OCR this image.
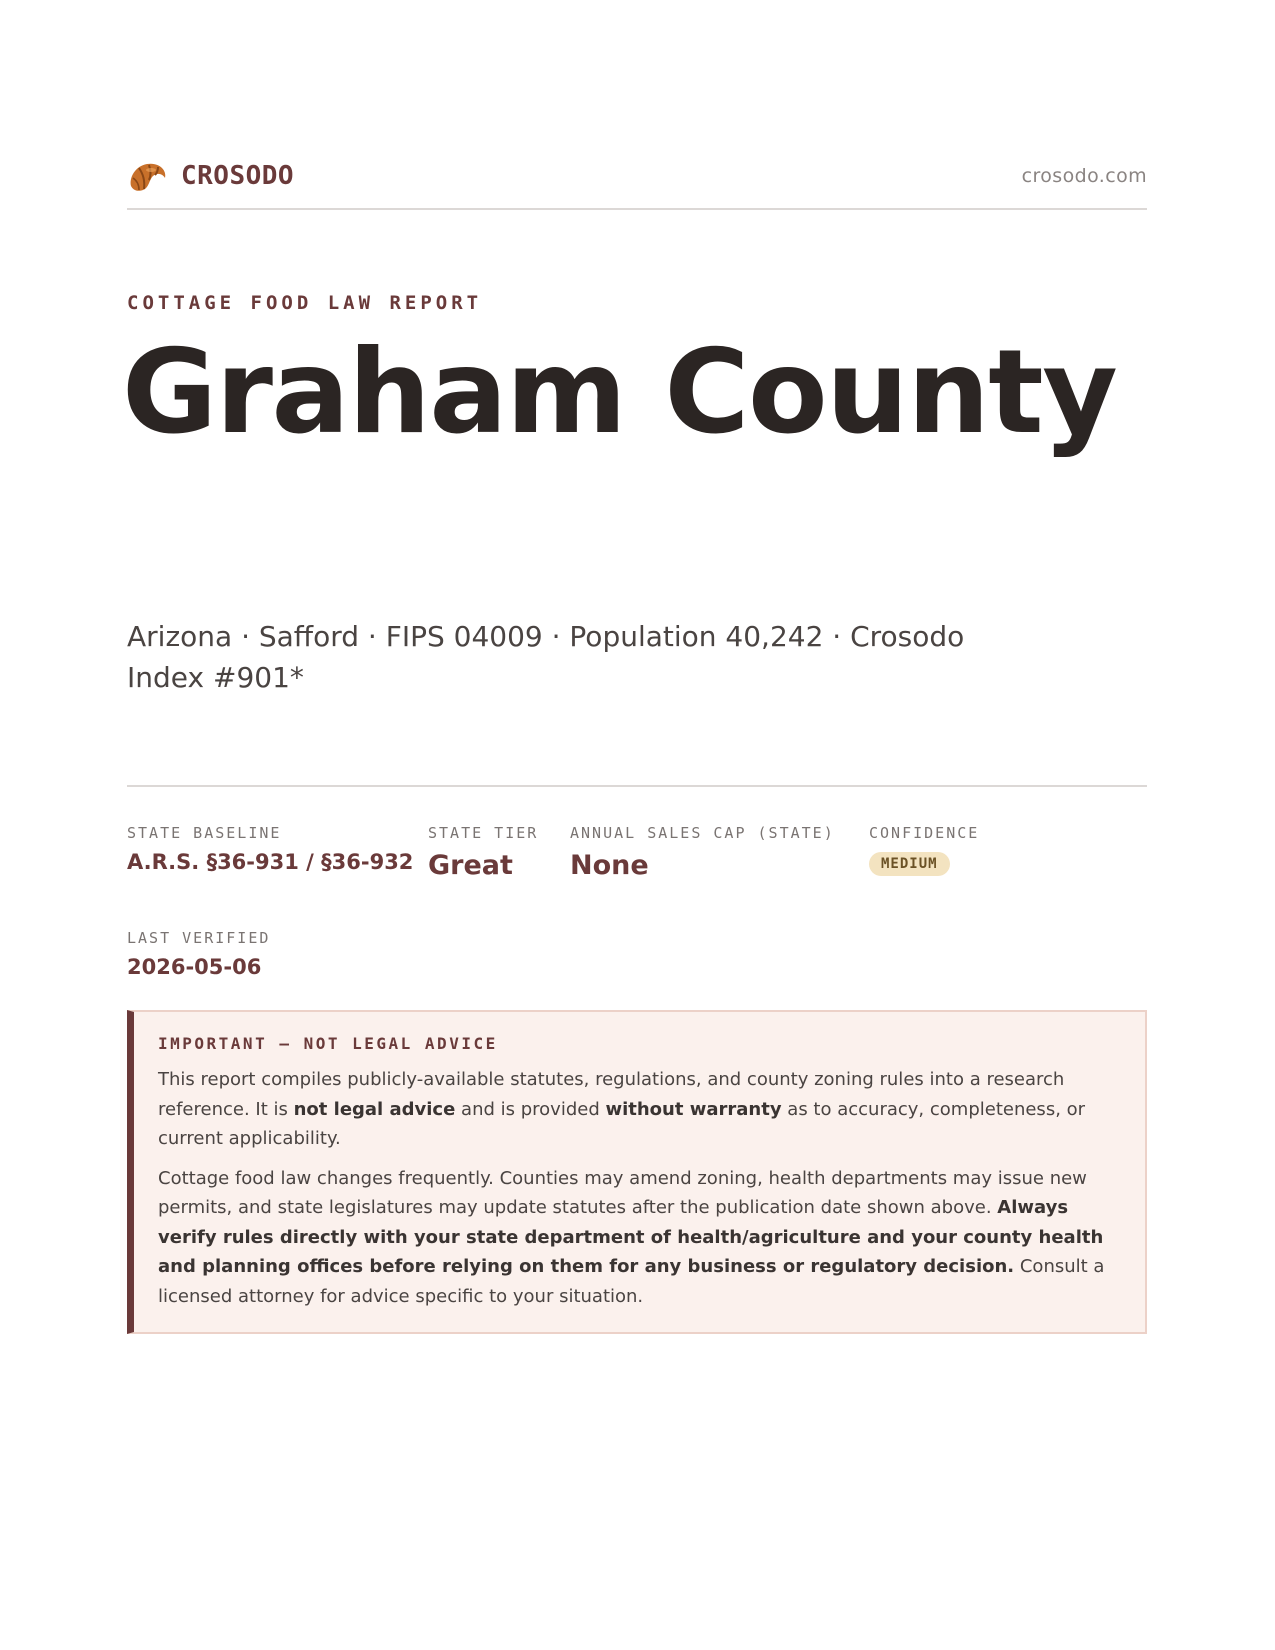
CROSODO	crosodo.com
COTTAGE FOOD LAW REPORT
Graham County
Arizona · Safford · FIPS 04009 · Population 40,242 · Crosodo Index #901*
STATE BASELINE
A.R.S. §36-931 / §36-932
STATE TIER
Great
ANNUAL SALES CAP (STATE)
None
CONFIDENCE
MEDIUM
LAST VERIFIED
2026-05-06
IMPORTANT — NOT LEGAL ADVICE

This report compiles publicly-available statutes, regulations, and county zoning rules into a research reference. It is not legal advice and is provided without warranty as to accuracy, completeness, or current applicability.

Cottage food law changes frequently. Counties may amend zoning, health departments may issue new permits, and state legislatures may update statutes after the publication date shown above. Always verify rules directly with your state department of health/agriculture and your county health and planning offices before relying on them for any business or regulatory decision. Consult a licensed attorney for advice specific to your situation.
